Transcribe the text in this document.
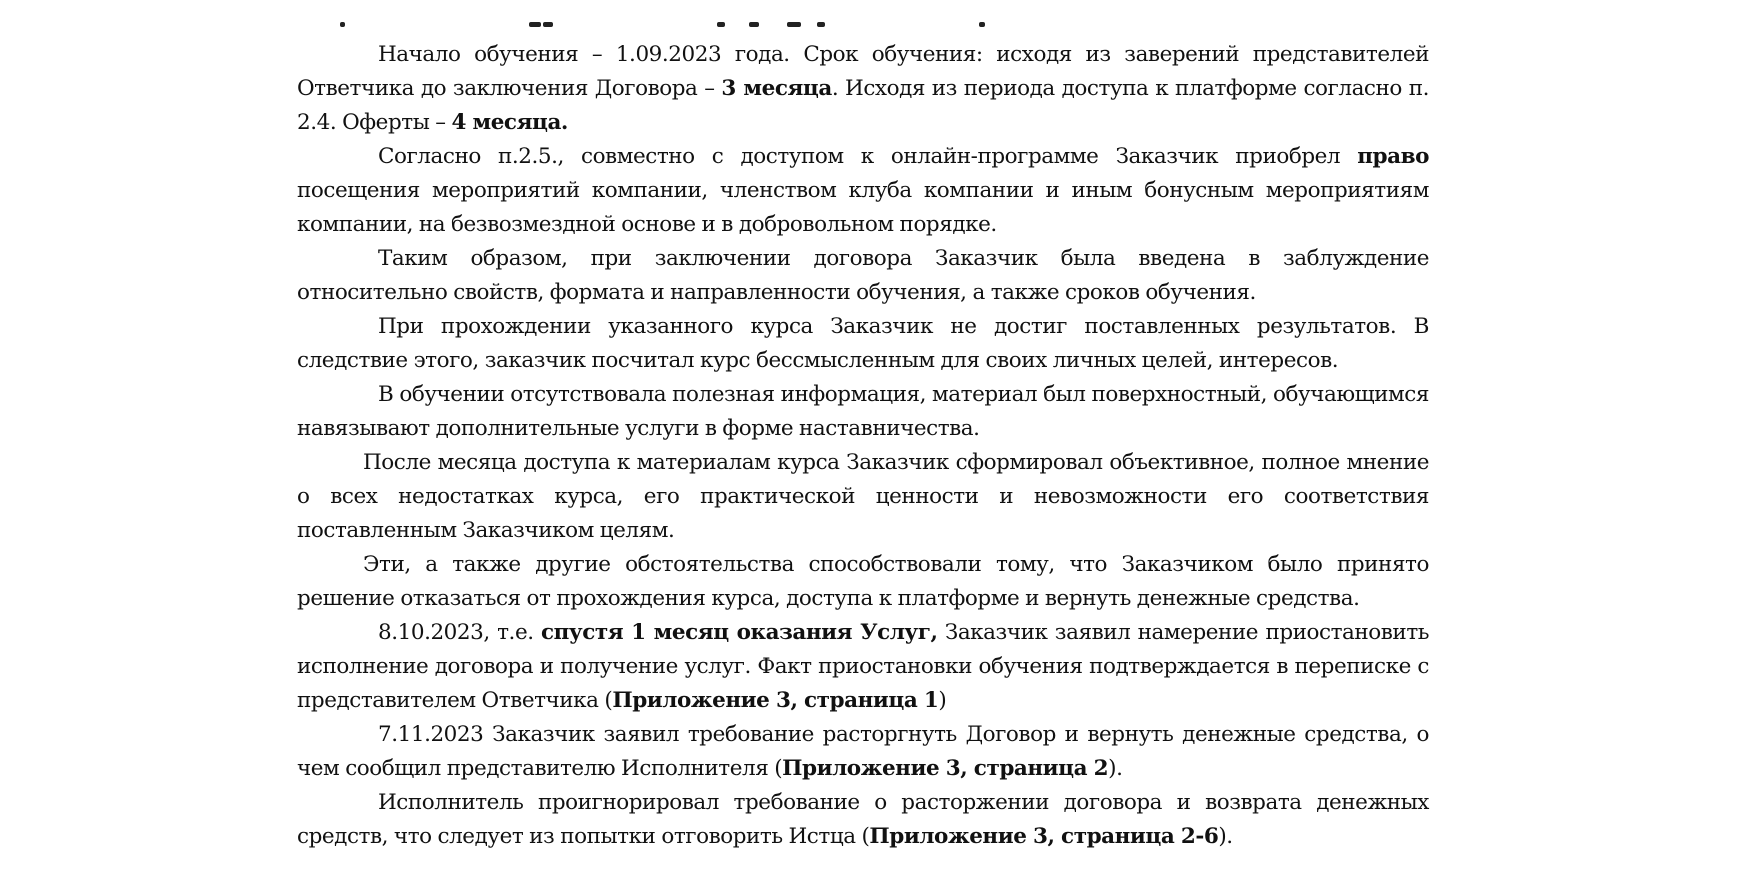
Начало обучения – 1.09.2023 года. Срок обучения: исходя из заверений представителей Ответчика до заключения Договора – 3 месяца. Исходя из периода доступа к платформе согласно п. 2.4. Оферты – 4 месяца.

Согласно п.2.5., совместно с доступом к онлайн-программе Заказчик приобрел право посещения мероприятий компании, членством клуба компании и иным бонусным мероприятиям компании, на безвозмездной основе и в добровольном порядке.

Таким образом, при заключении договора Заказчик была введена в заблуждение относительно свойств, формата и направленности обучения, а также сроков обучения.

При прохождении указанного курса Заказчик не достиг поставленных результатов. В следствие этого, заказчик посчитал курс бессмысленным для своих личных целей, интересов.

В обучении отсутствовала полезная информация, материал был поверхностный, обучающимся навязывают дополнительные услуги в форме наставничества.

После месяца доступа к материалам курса Заказчик сформировал объективное, полное мнение о всех недостатках курса, его практической ценности и невозможности его соответствия поставленным Заказчиком целям.

Эти, а также другие обстоятельства способствовали тому, что Заказчиком было принято решение отказаться от прохождения курса, доступа к платформе и вернуть денежные средства.

8.10.2023, т.е. спустя 1 месяц оказания Услуг, Заказчик заявил намерение приостановить исполнение договора и получение услуг. Факт приостановки обучения подтверждается в переписке с представителем Ответчика (Приложение 3, страница 1)

7.11.2023 Заказчик заявил требование расторгнуть Договор и вернуть денежные средства, о чем сообщил представителю Исполнителя (Приложение 3, страница 2).

Исполнитель проигнорировал требование о расторжении договора и возврата денежных средств, что следует из попытки отговорить Истца (Приложение 3, страница 2-6).
